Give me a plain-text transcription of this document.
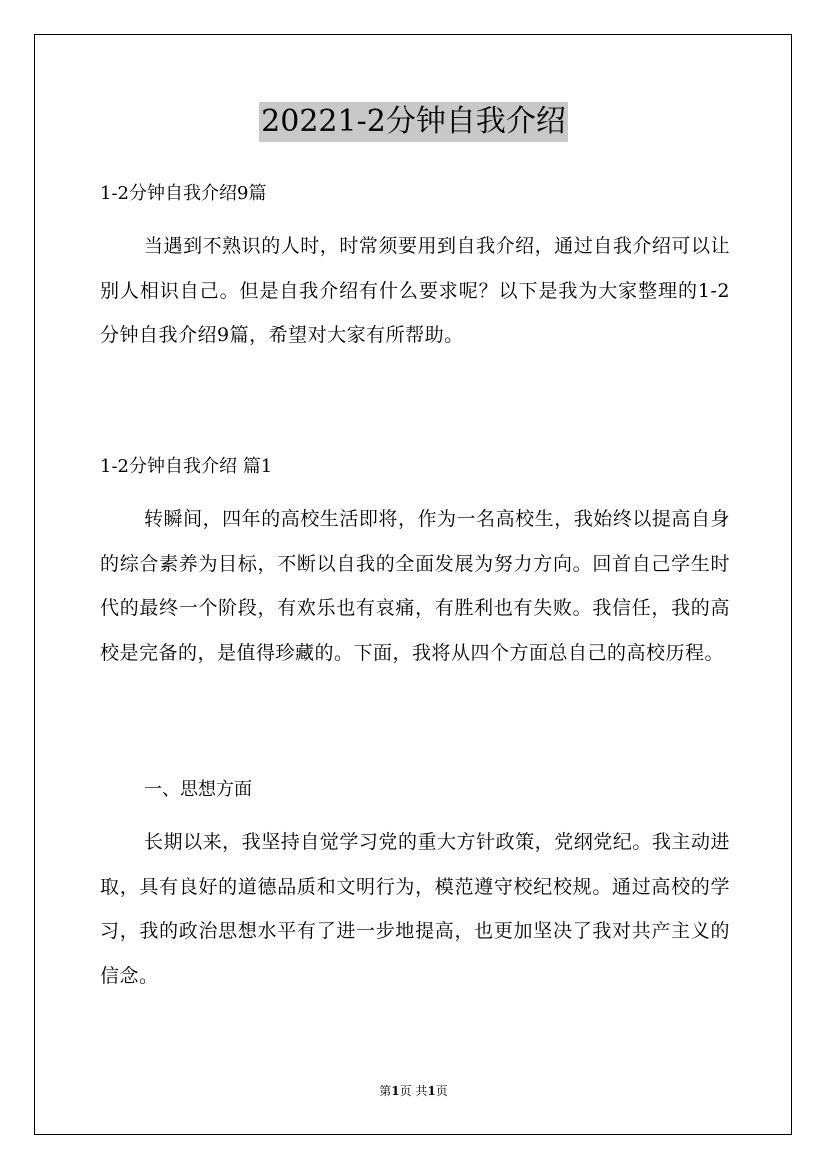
20221-2分钟自我介绍
1-2分钟自我介绍9篇
当遇到不熟识的人时，时常须要用到自我介绍，通过自我介绍可以让别人相识自己。但是自我介绍有什么要求呢？以下是我为大家整理的1-2分钟自我介绍9篇，希望对大家有所帮助。
1-2分钟自我介绍 篇1
转瞬间，四年的高校生活即将，作为一名高校生，我始终以提高自身的综合素养为目标，不断以自我的全面发展为努力方向。回首自己学生时代的最终一个阶段，有欢乐也有哀痛，有胜利也有失败。我信任，我的高校是完备的，是值得珍藏的。下面，我将从四个方面总自己的高校历程。
一、思想方面
长期以来，我坚持自觉学习党的重大方针政策，党纲党纪。我主动进取，具有良好的道德品质和文明行为，模范遵守校纪校规。通过高校的学习，我的政治思想水平有了进一步地提高，也更加坚决了我对共产主义的信念。
第1页 共1页
